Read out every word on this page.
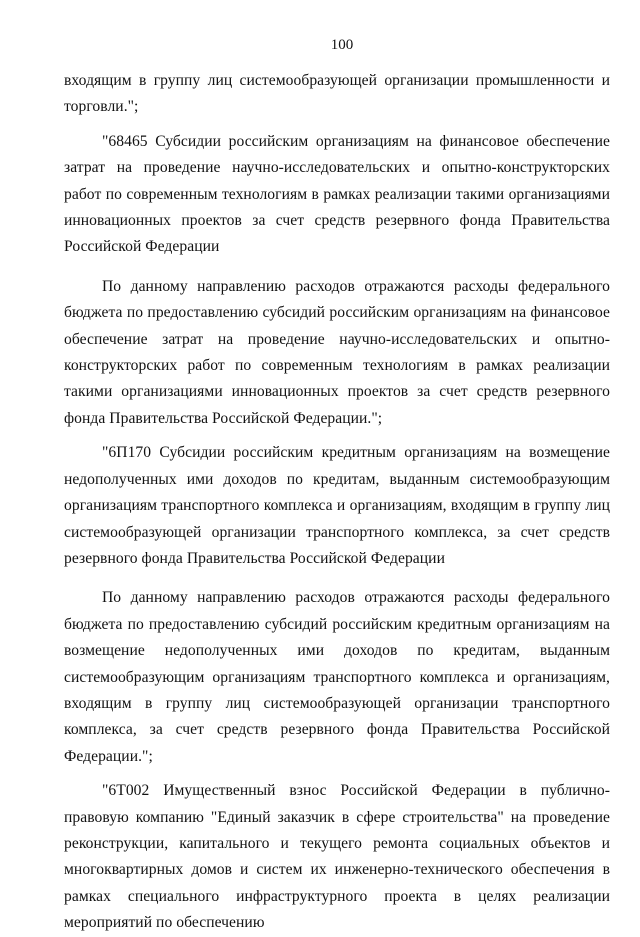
100

входящим в группу лиц системообразующей организации промышленности и торговли.";

"68465 Субсидии российским организациям на финансовое обеспечение затрат на проведение научно-исследовательских и опытно-конструкторских работ по современным технологиям в рамках реализации такими организациями инновационных проектов за счет средств резервного фонда Правительства Российской Федерации

По данному направлению расходов отражаются расходы федерального бюджета по предоставлению субсидий российским организациям на финансовое обеспечение затрат на проведение научно-исследовательских и опытно-конструкторских работ по современным технологиям в рамках реализации такими организациями инновационных проектов за счет средств резервного фонда Правительства Российской Федерации.";

"6П170 Субсидии российским кредитным организациям на возмещение недополученных ими доходов по кредитам, выданным системообразующим организациям транспортного комплекса и организациям, входящим в группу лиц системообразующей организации транспортного комплекса, за счет средств резервного фонда Правительства Российской Федерации

По данному направлению расходов отражаются расходы федерального бюджета по предоставлению субсидий российским кредитным организациям на возмещение недополученных ими доходов по кредитам, выданным системообразующим организациям транспортного комплекса и организациям, входящим в группу лиц системообразующей организации транспортного комплекса, за счет средств резервного фонда Правительства Российской Федерации.";

"6Т002 Имущественный взнос Российской Федерации в публично-правовую компанию "Единый заказчик в сфере строительства" на проведение реконструкции, капитального и текущего ремонта социальных объектов и многоквартирных домов и систем их инженерно-технического обеспечения в рамках специального инфраструктурного проекта в целях реализации мероприятий по обеспечению
